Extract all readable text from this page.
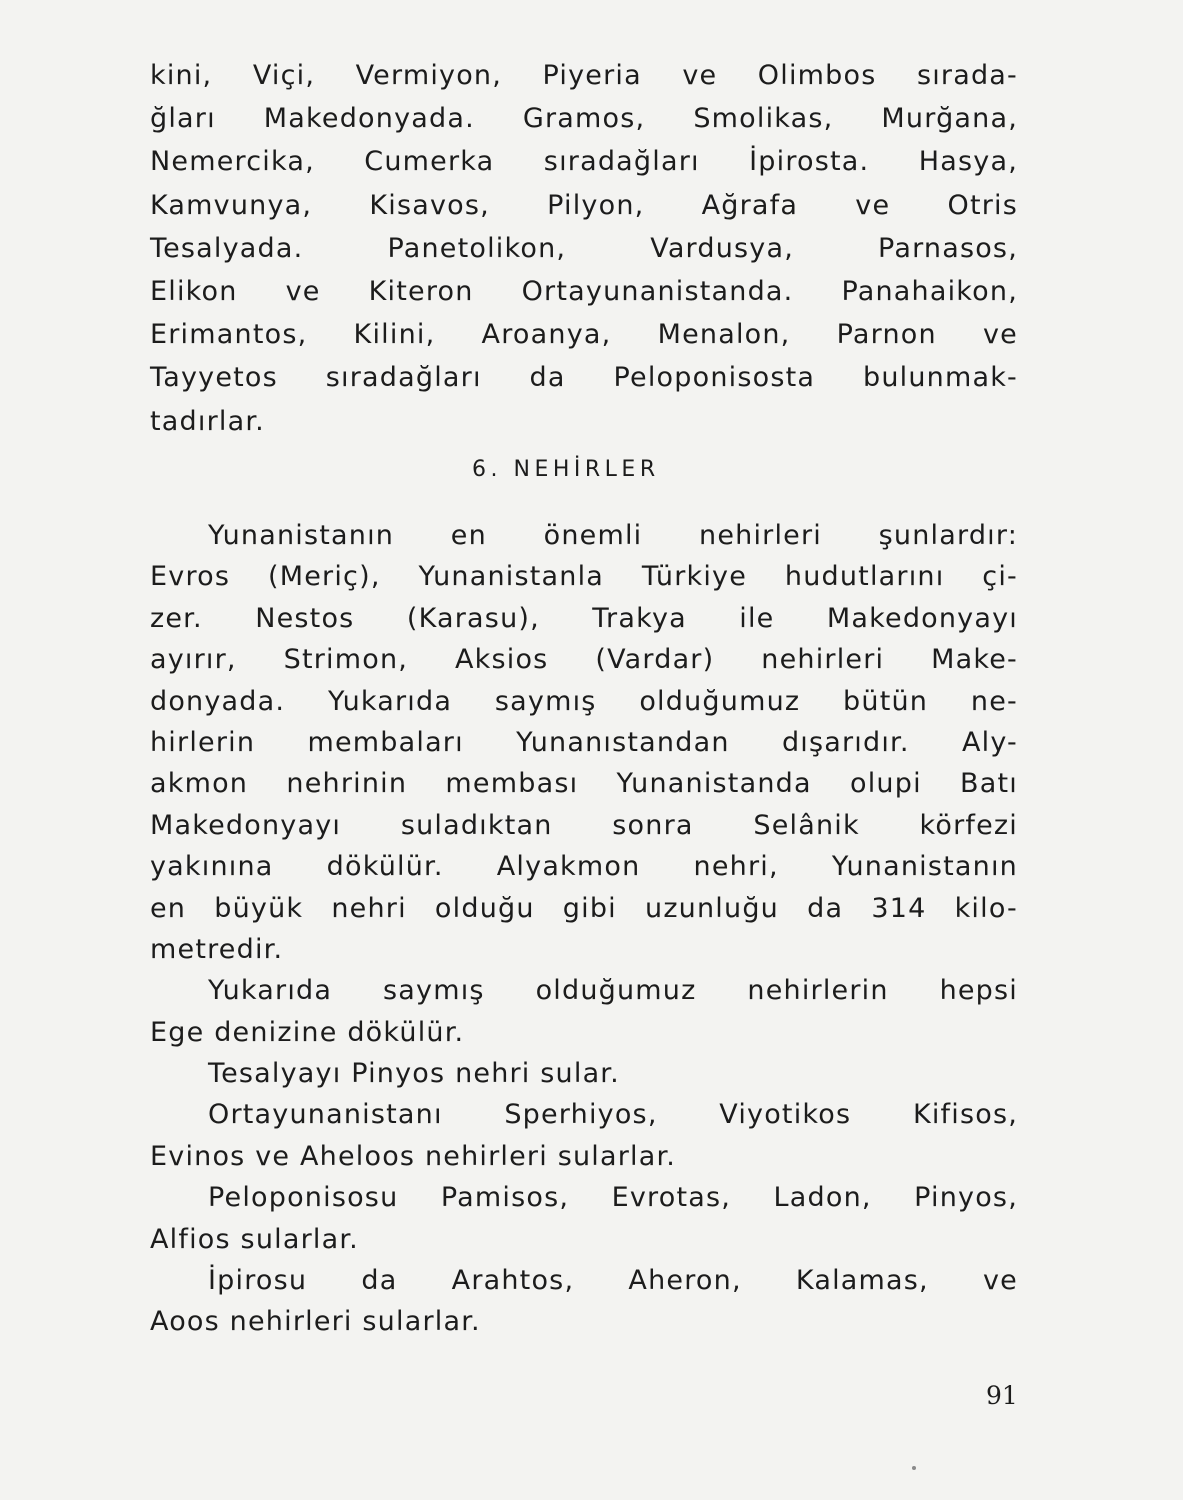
kini, Viçi, Vermiyon, Piyeria ve Olimbos sırada-
ğları Makedonyada. Gramos, Smolikas, Murğana,
Nemercika, Cumerka sıradağları İpirosta. Hasya,
Kamvunya, Kisavos, Pilyon, Ağrafa ve Otris
Tesalyada. Panetolikon, Vardusya, Parnasos,
Elikon ve Kiteron Ortayunanistanda. Panahaikon,
Erimantos, Kilini, Aroanya, Menalon, Parnon ve
Tayyetos sıradağları da Peloponisosta bulunmak-
tadırlar.
6. NEHİRLER
Yunanistanın en önemli nehirleri şunlardır:
Evros (Meriç), Yunanistanla Türkiye hudutlarını çi-
zer. Nestos (Karasu), Trakya ile Makedonyayı
ayırır, Strimon, Aksios (Vardar) nehirleri Make-
donyada. Yukarıda saymış olduğumuz bütün ne-
hirlerin membaları Yunanıstandan dışarıdır. Aly-
akmon nehrinin membası Yunanistanda olupi Batı
Makedonyayı suladıktan sonra Selânik körfezi
yakınına dökülür. Alyakmon nehri, Yunanistanın
en büyük nehri olduğu gibi uzunluğu da 314 kilo-
metredir.
Yukarıda saymış olduğumuz nehirlerin hepsi
Ege denizine dökülür.
Tesalyayı Pinyos nehri sular.
Ortayunanistanı Sperhiyos, Viyotikos Kifisos,
Evinos ve Aheloos nehirleri sularlar.
Peloponisosu Pamisos, Evrotas, Ladon, Pinyos,
Alfios sularlar.
İpirosu da Arahtos, Aheron, Kalamas, ve
Aoos nehirleri sularlar.
91
